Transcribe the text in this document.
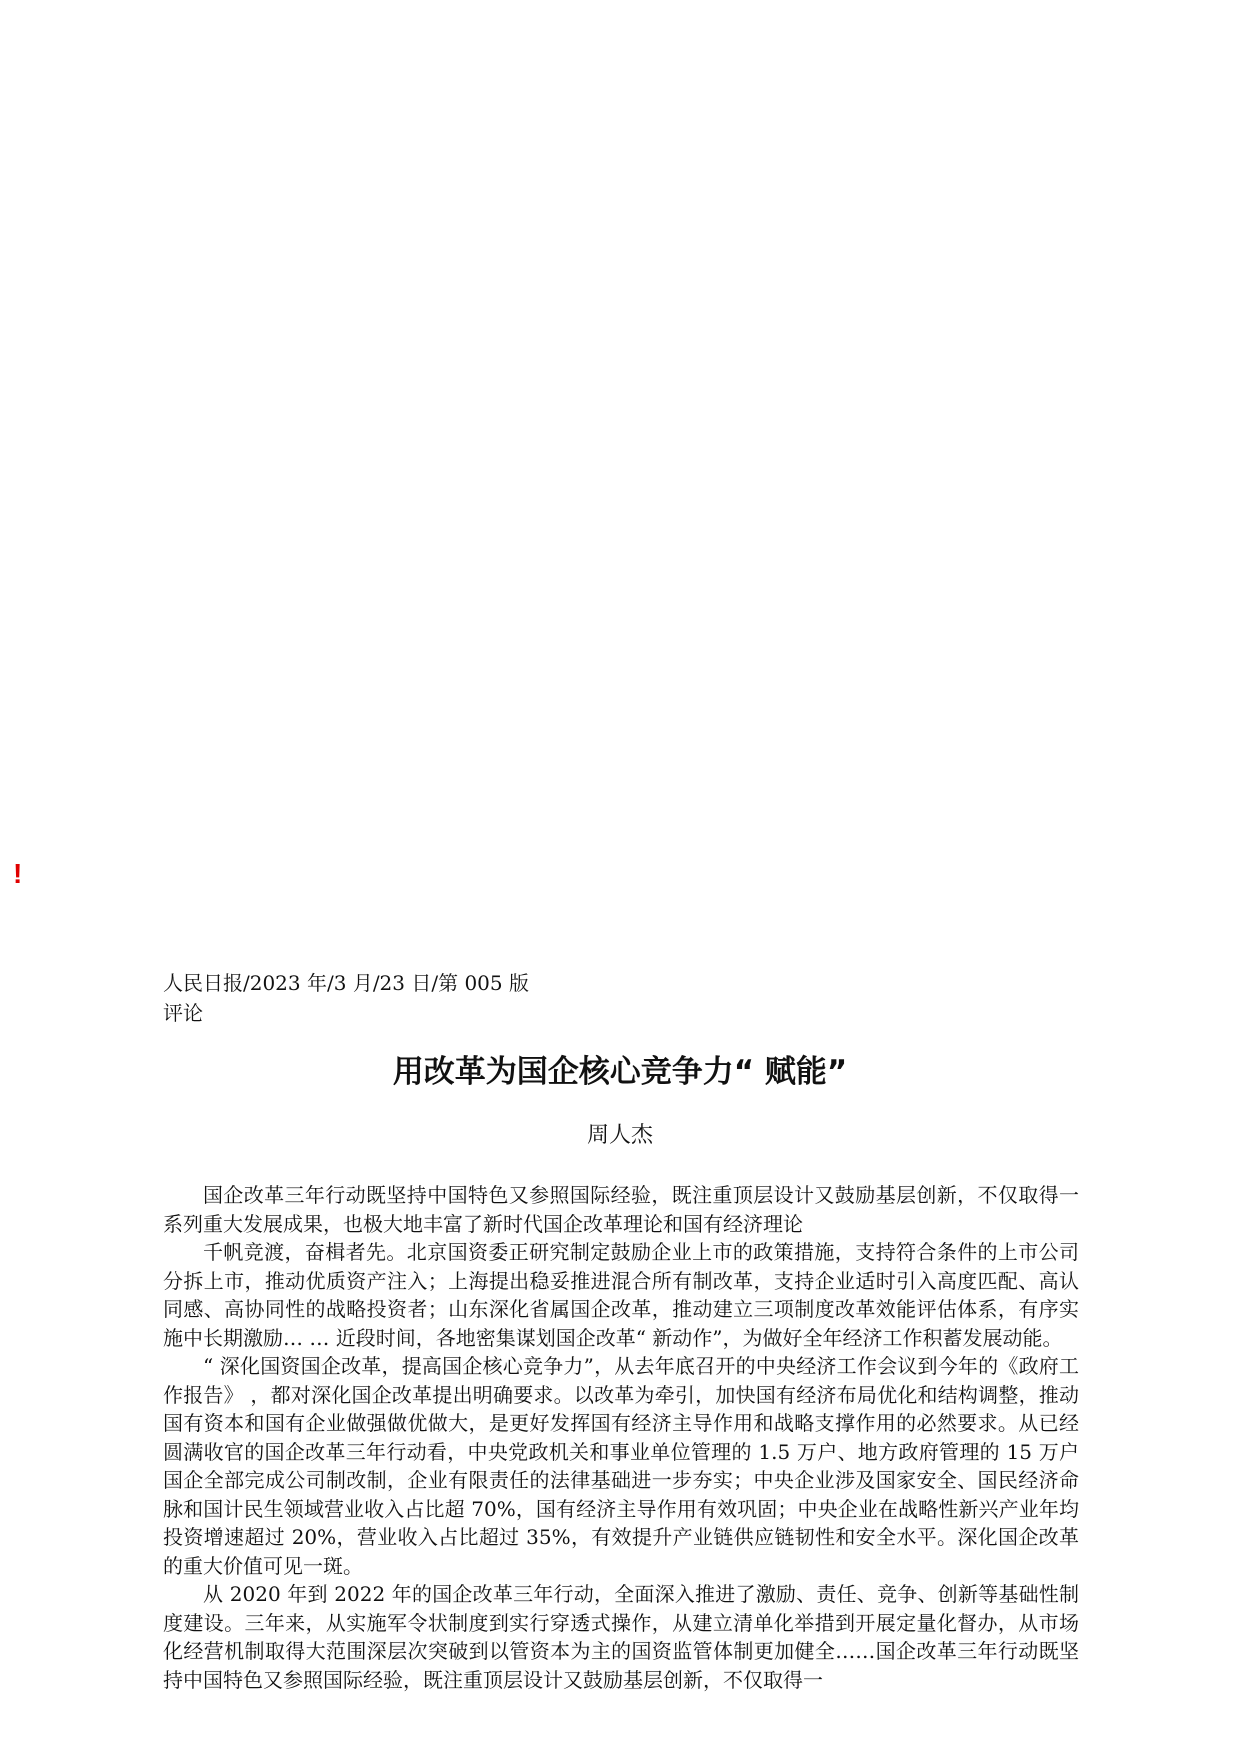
!
人民日报/2023 年/3 月/23 日/第 005 版评论
用改革为国企核心竞争力“ 赋能”
周人杰

国企改革三年行动既坚持中国特色又参照国际经验，既注重顶层设计又鼓励基层创新，不仅取得一系列重大发展成果，也极大地丰富了新时代国企改革理论和国有经济理论

千帆竞渡，奋楫者先。北京国资委正研究制定鼓励企业上市的政策措施，支持符合条件的上市公司分拆上市，推动优质资产注入；上海提出稳妥推进混合所有制改革，支持企业适时引入高度匹配、高认同感、高协同性的战略投资者；山东深化省属国企改革，推动建立三项制度改革效能评估体系，有序实施中长期激励… … 近段时间，各地密集谋划国企改革“ 新动作”，为做好全年经济工作积蓄发展动能。

“ 深化国资国企改革，提高国企核心竞争力”，从去年底召开的中央经济工作会议到今年的《政府工作报告》 ，都对深化国企改革提出明确要求。以改革为牵引，加快国有经济布局优化和结构调整，推动国有资本和国有企业做强做优做大，是更好发挥国有经济主导作用和战略支撑作用的必然要求。从已经圆满收官的国企改革三年行动看，中央党政机关和事业单位管理的 1.5 万户、地方政府管理的 15 万户国企全部完成公司制改制，企业有限责任的法律基础进一步夯实；中央企业涉及国家安全、国民经济命脉和国计民生领域营业收入占比超 70%，国有经济主导作用有效巩固；中央企业在战略性新兴产业年均投资增速超过 20%，营业收入占比超过 35%，有效提升产业链供应链韧性和安全水平。深化国企改革的重大价值可见一斑。

从 2020 年到 2022 年的国企改革三年行动，全面深入推进了激励、责任、竞争、创新等基础性制度建设。三年来，从实施军令状制度到实行穿透式操作，从建立清单化举措到开展定量化督办，从市场化经营机制取得大范围深层次突破到以管资本为主的国资监管体制更加健全……国企改革三年行动既坚持中国特色又参照国际经验，既注重顶层设计又鼓励基层创新，不仅取得一
